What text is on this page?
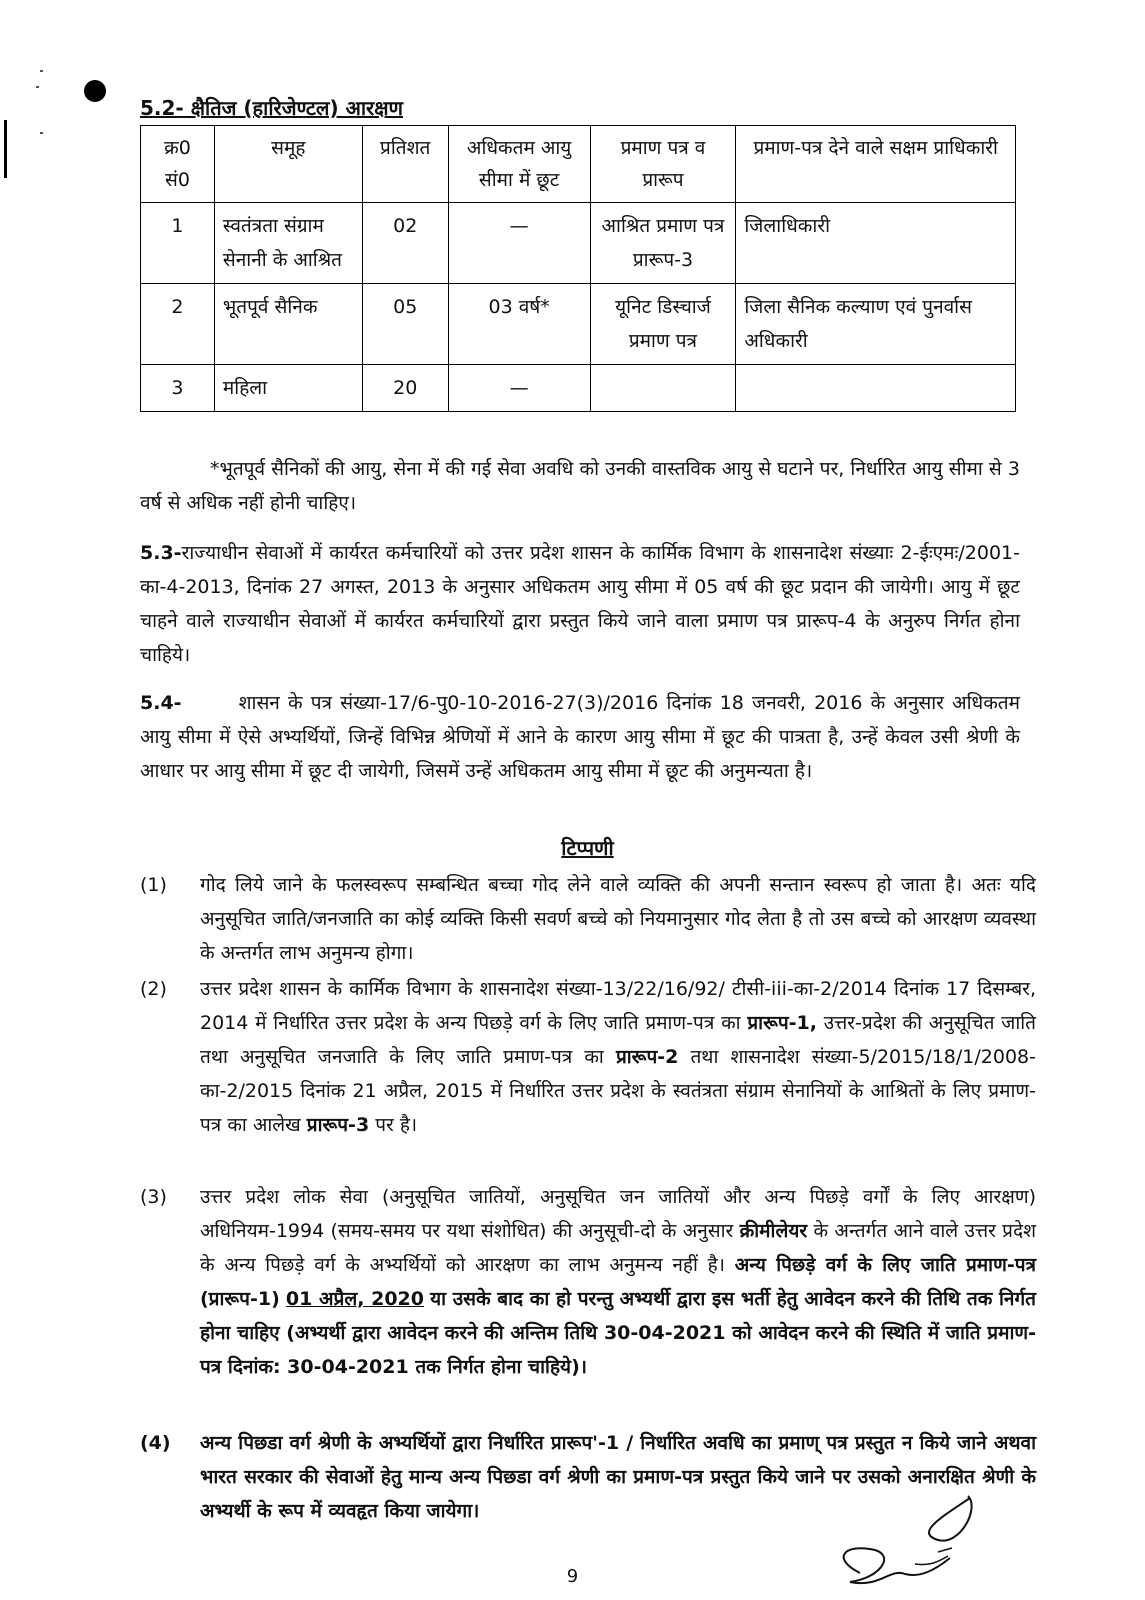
5.2- क्षैतिज (हारिजेण्टल) आरक्षण
क्र0 सं0	समूह	प्रतिशत	अधिकतम आयु सीमा में छूट	प्रमाण पत्र व प्रारूप	प्रमाण-पत्र देने वाले सक्षम प्राधिकारी
1	स्वतंत्रता संग्राम सेनानी के आश्रित	02	—	आश्रित प्रमाण पत्र प्रारूप-3	जिलाधिकारी
2	भूतपूर्व सैनिक	05	03 वर्ष*	यूनिट डिस्चार्ज प्रमाण पत्र	जिला सैनिक कल्याण एवं पुनर्वास अधिकारी
3	महिला	20	—		
*भूतपूर्व सैनिकों की आयु, सेना में की गई सेवा अवधि को उनकी वास्तविक आयु से घटाने पर, निर्धारित आयु सीमा से 3 वर्ष से अधिक नहीं होनी चाहिए।
5.3-राज्याधीन सेवाओं में कार्यरत कर्मचारियों को उत्तर प्रदेश शासन के कार्मिक विभाग के शासनादेश संख्याः 2-ईःएमः/2001-का-4-2013, दिनांक 27 अगस्त, 2013 के अनुसार अधिकतम आयु सीमा में 05 वर्ष की छूट प्रदान की जायेगी। आयु में छूट चाहने वाले राज्याधीन सेवाओं में कार्यरत कर्मचारियों द्वारा प्रस्तुत किये जाने वाला प्रमाण पत्र प्रारूप-4 के अनुरुप निर्गत होना चाहिये।
5.4-	शासन के पत्र संख्या-17/6-पु0-10-2016-27(3)/2016 दिनांक 18 जनवरी, 2016 के अनुसार अधिकतम आयु सीमा में ऐसे अभ्यर्थियों, जिन्हें विभिन्न श्रेणियों में आने के कारण आयु सीमा में छूट की पात्रता है, उन्हें केवल उसी श्रेणी के आधार पर आयु सीमा में छूट दी जायेगी, जिसमें उन्हें अधिकतम आयु सीमा में छूट की अनुमन्यता है।
टिप्पणी
(1) गोद लिये जाने के फलस्वरूप सम्बन्धित बच्चा गोद लेने वाले व्यक्ति की अपनी सन्तान स्वरूप हो जाता है। अतः यदि अनुसूचित जाति/जनजाति का कोई व्यक्ति किसी सवर्ण बच्चे को नियमानुसार गोद लेता है तो उस बच्चे को आरक्षण व्यवस्था के अन्तर्गत लाभ अनुमन्य होगा।
(2) उत्तर प्रदेश शासन के कार्मिक विभाग के शासनादेश संख्या-13/22/16/92/ टीसी-iii-का-2/2014 दिनांक 17 दिसम्बर, 2014 में निर्धारित उत्तर प्रदेश के अन्य पिछड़े वर्ग के लिए जाति प्रमाण-पत्र का प्रारूप-1, उत्तर-प्रदेश की अनुसूचित जाति तथा अनुसूचित जनजाति के लिए जाति प्रमाण-पत्र का प्रारूप-2 तथा शासनादेश संख्या-5/2015/18/1/2008-का-2/2015 दिनांक 21 अप्रैल, 2015 में निर्धारित उत्तर प्रदेश के स्वतंत्रता संग्राम सेनानियों के आश्रितों के लिए प्रमाण-पत्र का आलेख प्रारूप-3 पर है।
(3) उत्तर प्रदेश लोक सेवा (अनुसूचित जातियों, अनुसूचित जन जातियों और अन्य पिछड़े वर्गों के लिए आरक्षण) अधिनियम-1994 (समय-समय पर यथा संशोधित) की अनुसूची-दो के अनुसार क्रीमीलेयर के अन्तर्गत आने वाले उत्तर प्रदेश के अन्य पिछड़े वर्ग के अभ्यर्थियों को आरक्षण का लाभ अनुमन्य नहीं है। अन्य पिछड़े वर्ग के लिए जाति प्रमाण-पत्र (प्रारूप-1) 01 अप्रैल, 2020 या उसके बाद का हो परन्तु अभ्यर्थी द्वारा इस भर्ती हेतु आवेदन करने की तिथि तक निर्गत होना चाहिए (अभ्यर्थी द्वारा आवेदन करने की अन्तिम तिथि 30-04-2021 को आवेदन करने की स्थिति में जाति प्रमाण- पत्र दिनांक: 30-04-2021 तक निर्गत होना चाहिये)।
(4) अन्य पिछडा वर्ग श्रेणी के अभ्यर्थियों द्वारा निर्धारित प्रारूप'-1 / निर्धारित अवधि का प्रमाण् पत्र प्रस्तुत न किये जाने अथवा भारत सरकार की सेवाओं हेतु मान्य अन्य पिछडा वर्ग श्रेणी का प्रमाण-पत्र प्रस्तुत किये जाने पर उसको अनारक्षित श्रेणी के अभ्यर्थी के रूप में व्यवहृत किया जायेगा।
9
